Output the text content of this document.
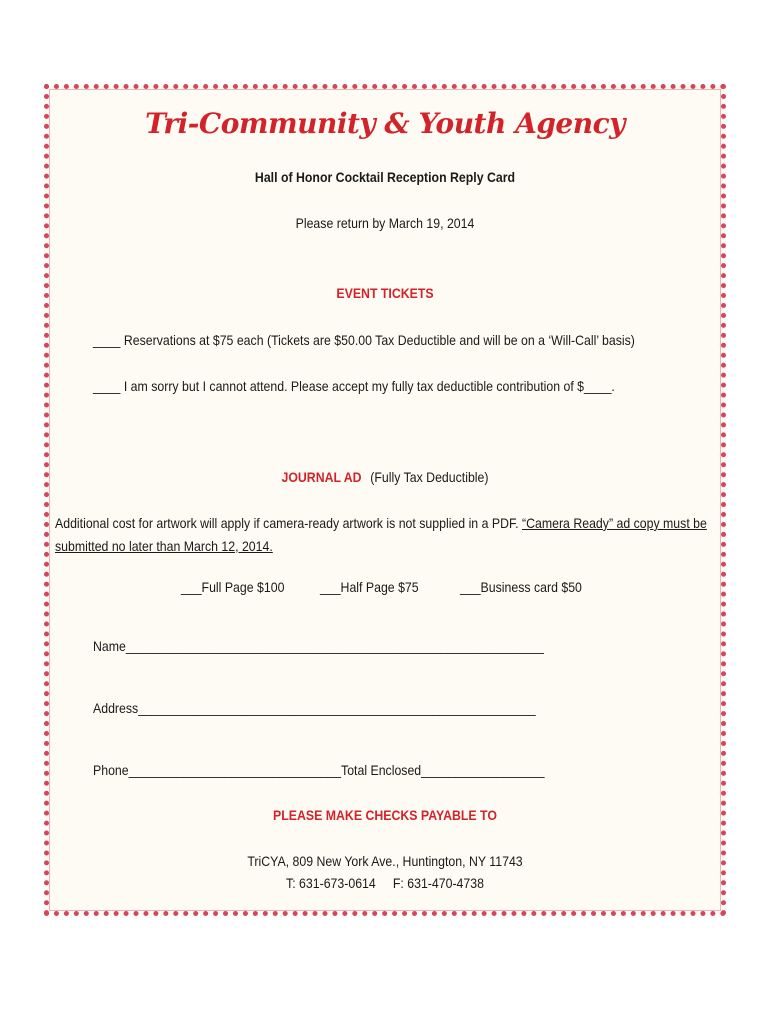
Tri-Community & Youth Agency
Hall of Honor Cocktail Reception Reply Card
Please return by March 19, 2014
EVENT TICKETS
____ Reservations at $75 each (Tickets are $50.00 Tax Deductible and will be on a ‘Will-Call’ basis)
____ I am sorry but I cannot attend. Please accept my fully tax deductible contribution of $____.
JOURNAL AD (Fully Tax Deductible)
Additional cost for artwork will apply if camera-ready artwork is not supplied in a PDF. “Camera Ready” ad copy must be
submitted no later than March 12, 2014.
___Full Page $100	___Half Page $75	___Business card $50
Name_____________________________________________________________
Address__________________________________________________________
Phone_______________________________Total Enclosed__________________
PLEASE MAKE CHECKS PAYABLE TO
TriCYA, 809 New York Ave., Huntington, NY 11743
T: 631-673-0614     F: 631-470-4738
